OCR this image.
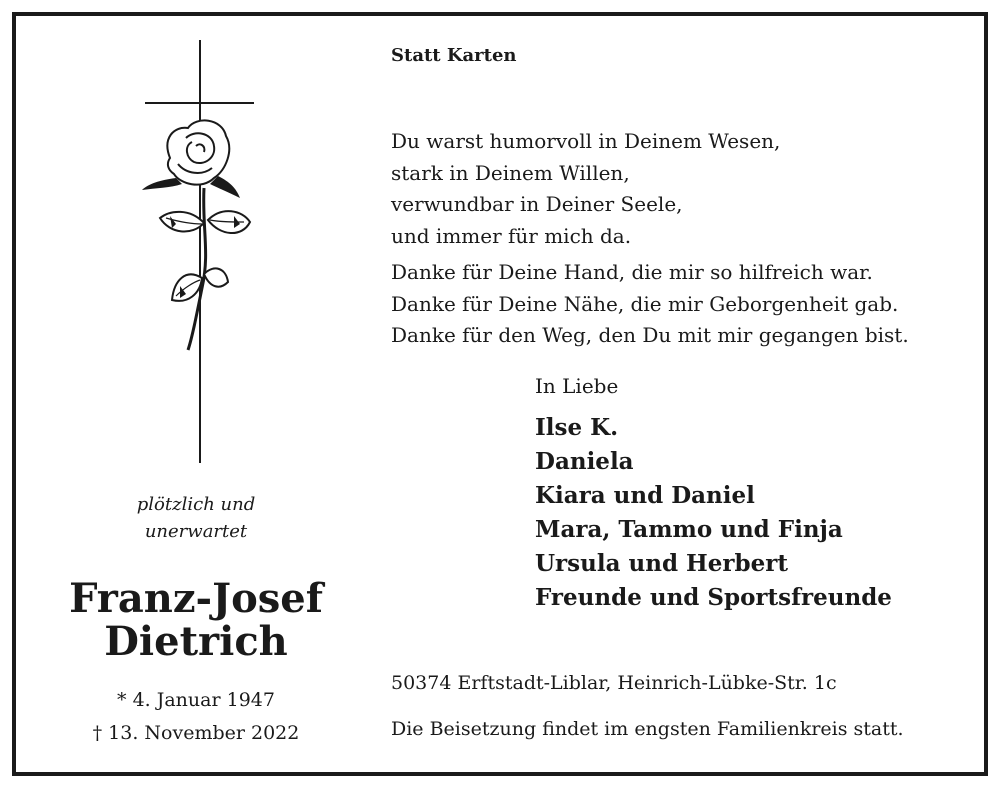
Statt Karten

Du warst humorvoll in Deinem Wesen,
stark in Deinem Willen,
verwundbar in Deiner Seele,
und immer für mich da.
Danke für Deine Hand, die mir so hilfreich war.
Danke für Deine Nähe, die mir Geborgenheit gab.
Danke für den Weg, den Du mit mir gegangen bist.

In Liebe

Ilse K.
Daniela
Kiara und Daniel
Mara, Tammo und Finja
Ursula und Herbert
Freunde und Sportsfreunde

50374 Erftstadt-Liblar, Heinrich-Lübke-Str. 1c

Die Beisetzung findet im engsten Familienkreis statt.

plötzlich und
unerwartet
Franz-Josef
Dietrich
* 4. Januar 1947
† 13. November 2022
